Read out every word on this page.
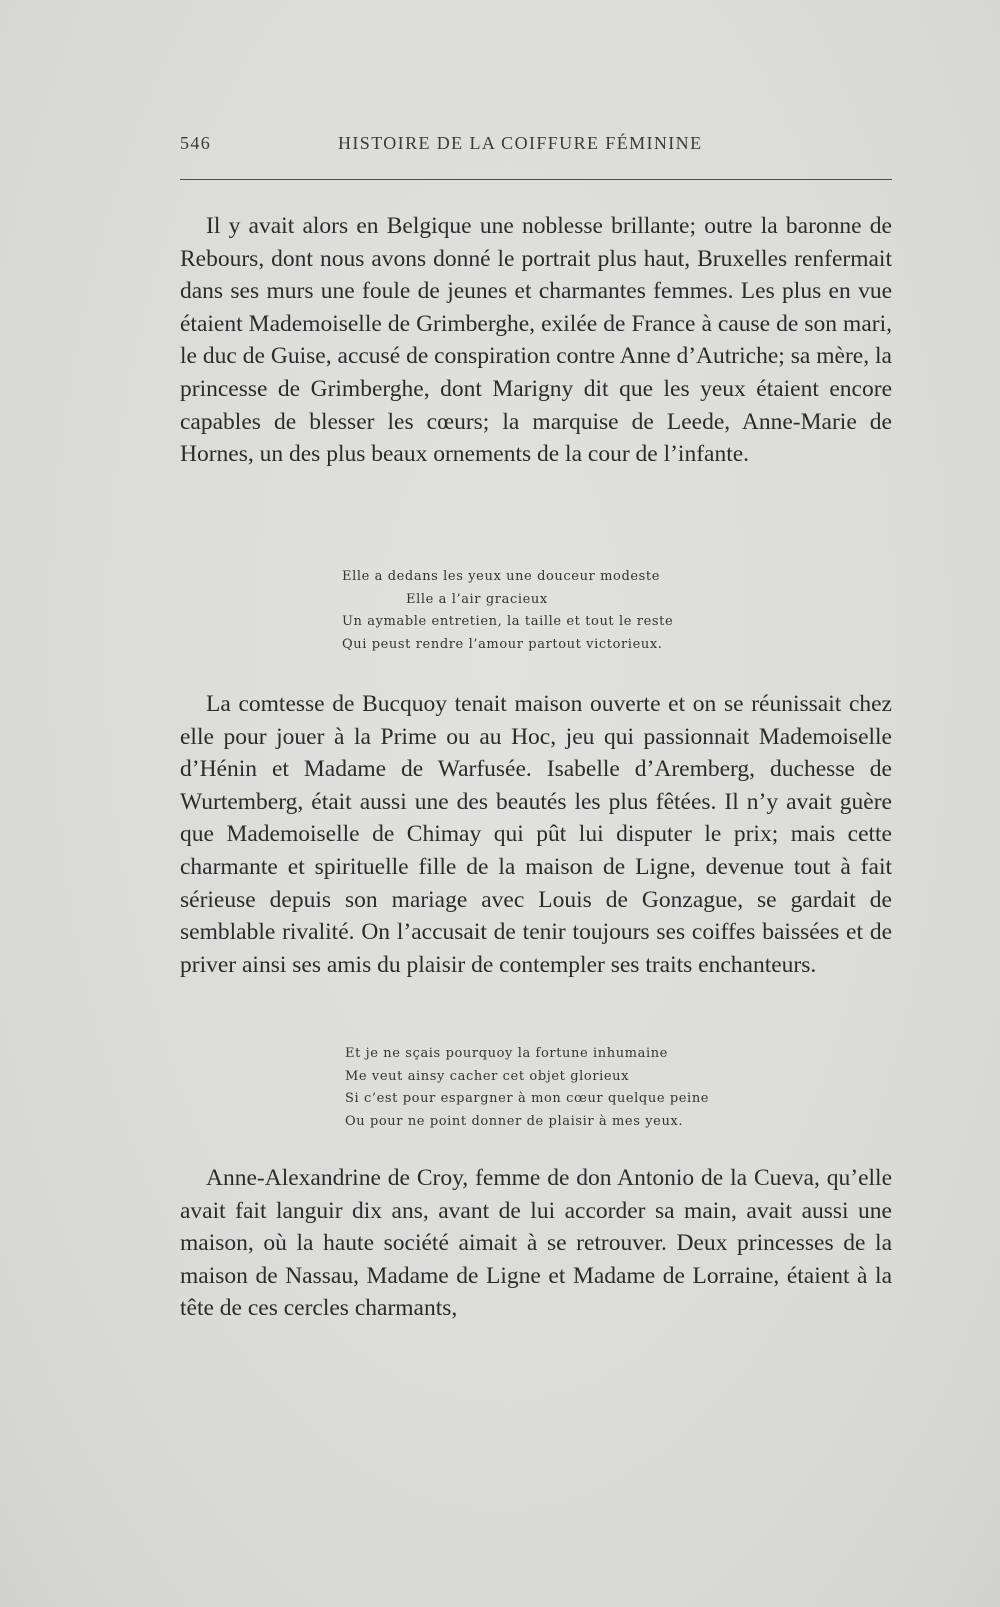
546	HISTOIRE DE LA COIFFURE FÉMININE

Il y avait alors en Belgique une noblesse brillante; outre la baronne de Rebours, dont nous avons donné le portrait plus haut, Bruxelles renfermait dans ses murs une foule de jeunes et charmantes femmes. Les plus en vue étaient Mademoiselle de Grimberghe, exilée de France à cause de son mari, le duc de Guise, accusé de conspiration contre Anne d’Autriche; sa mère, la princesse de Grimberghe, dont Marigny dit que les yeux étaient encore capables de blesser les cœurs; la marquise de Leede, Anne-Marie de Hornes, un des plus beaux ornements de la cour de l’infante.

Elle a dedans les yeux une douceur modeste
Elle a l’air gracieux
Un aymable entretien, la taille et tout le reste
Qui peust rendre l’amour partout victorieux.

La comtesse de Bucquoy tenait maison ouverte et on se réunissait chez elle pour jouer à la Prime ou au Hoc, jeu qui passionnait Mademoiselle d’Hénin et Madame de Warfusée. Isabelle d’Aremberg, duchesse de Wurtemberg, était aussi une des beautés les plus fêtées. Il n’y avait guère que Mademoiselle de Chimay qui pût lui disputer le prix; mais cette charmante et spirituelle fille de la maison de Ligne, devenue tout à fait sérieuse depuis son mariage avec Louis de Gonzague, se gardait de semblable rivalité. On l’accusait de tenir toujours ses coiffes baissées et de priver ainsi ses amis du plaisir de contempler ses traits enchanteurs.

Et je ne sçais pourquoy la fortune inhumaine
Me veut ainsy cacher cet objet glorieux
Si c’est pour espargner à mon cœur quelque peine
Ou pour ne point donner de plaisir à mes yeux.

Anne-Alexandrine de Croy, femme de don Antonio de la Cueva, qu’elle avait fait languir dix ans, avant de lui accorder sa main, avait aussi une maison, où la haute société aimait à se retrouver. Deux princesses de la maison de Nassau, Madame de Ligne et Madame de Lorraine, étaient à la tête de ces cercles charmants,
